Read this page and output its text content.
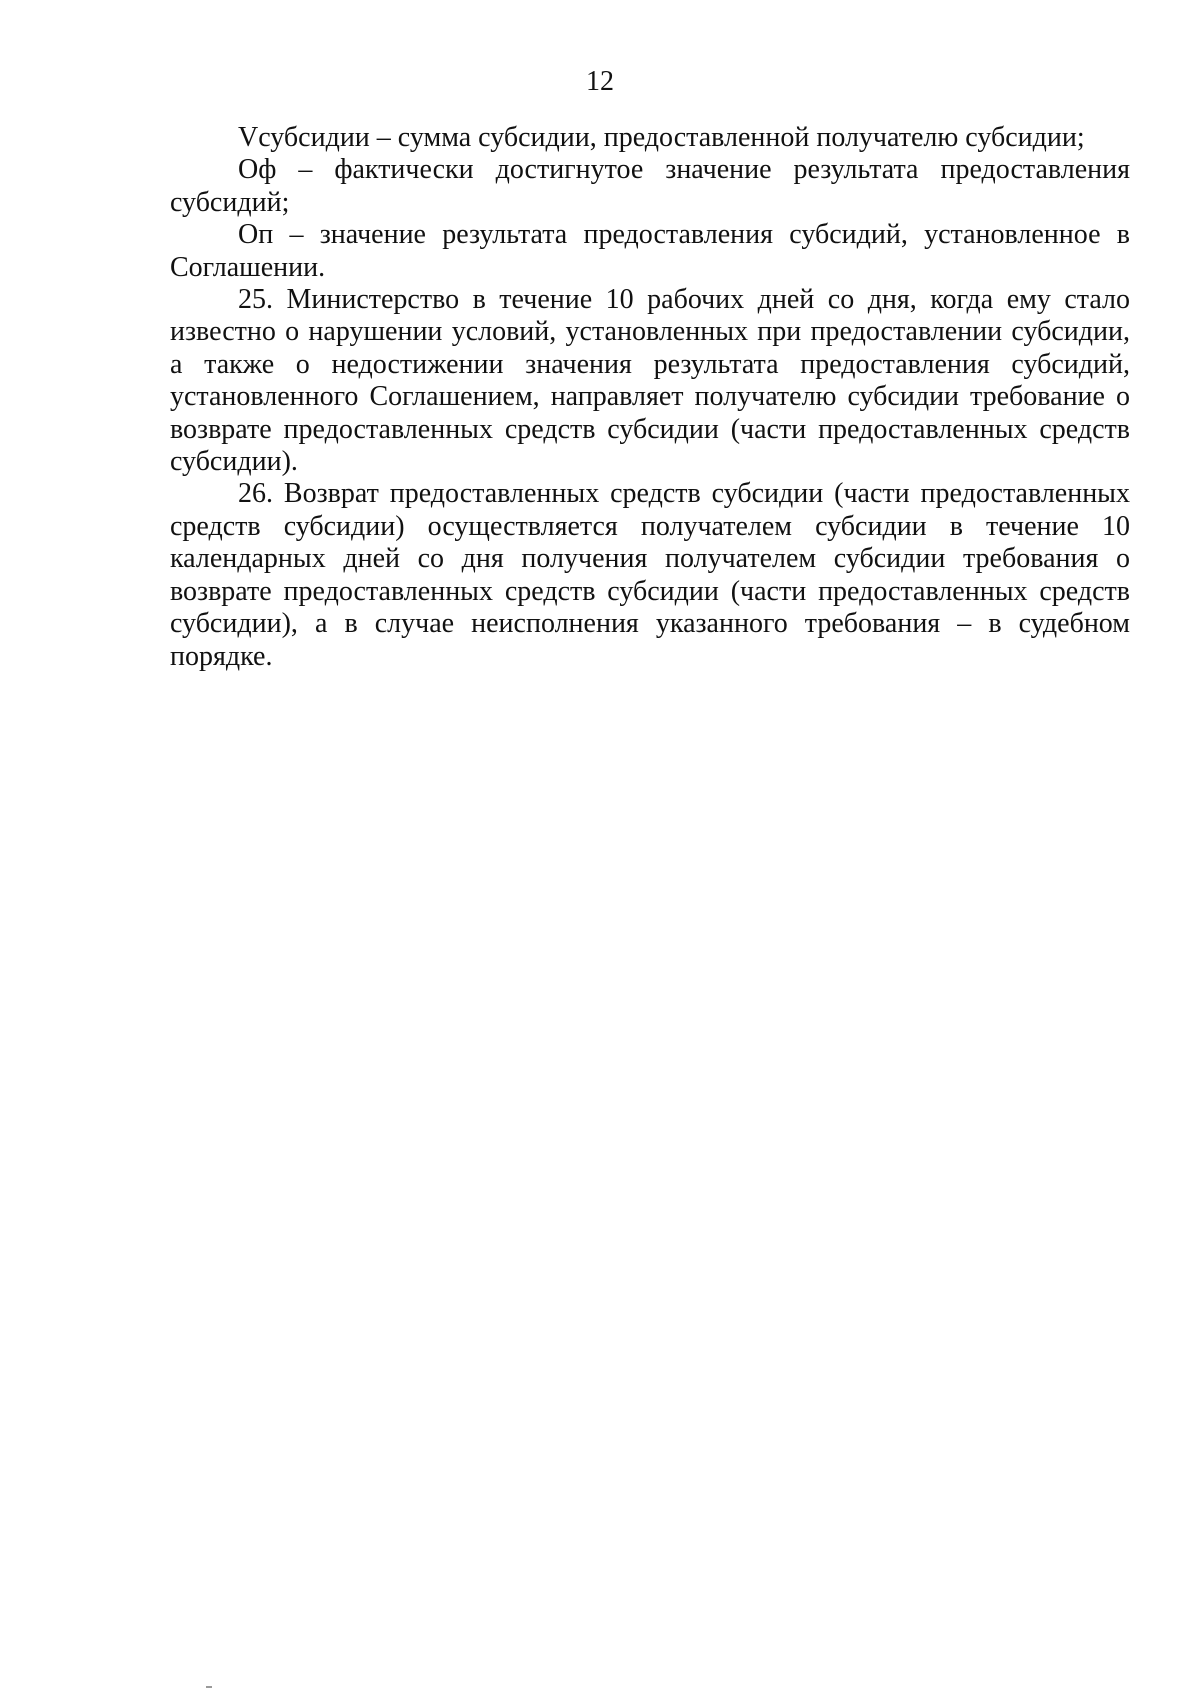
12

Vсубсидии – сумма субсидии, предоставленной получателю субсидии;

Оф – фактически достигнутое значение результата предоставления субсидий;

Оп – значение результата предоставления субсидий, установленное в Соглашении.

25. Министерство в течение 10 рабочих дней со дня, когда ему стало известно о нарушении условий, установленных при предоставлении субсидии, а также о недостижении значения результата предоставления субсидий, установленного Соглашением, направляет получателю субсидии требование о возврате предоставленных средств субсидии (части предоставленных средств субсидии).

26. Возврат предоставленных средств субсидии (части предоставленных средств субсидии) осуществляется получателем субсидии в течение 10 календарных дней со дня получения получателем субсидии требования о возврате предоставленных средств субсидии (части предоставленных средств субсидии), а в случае неисполнения указанного требования – в судебном порядке.
